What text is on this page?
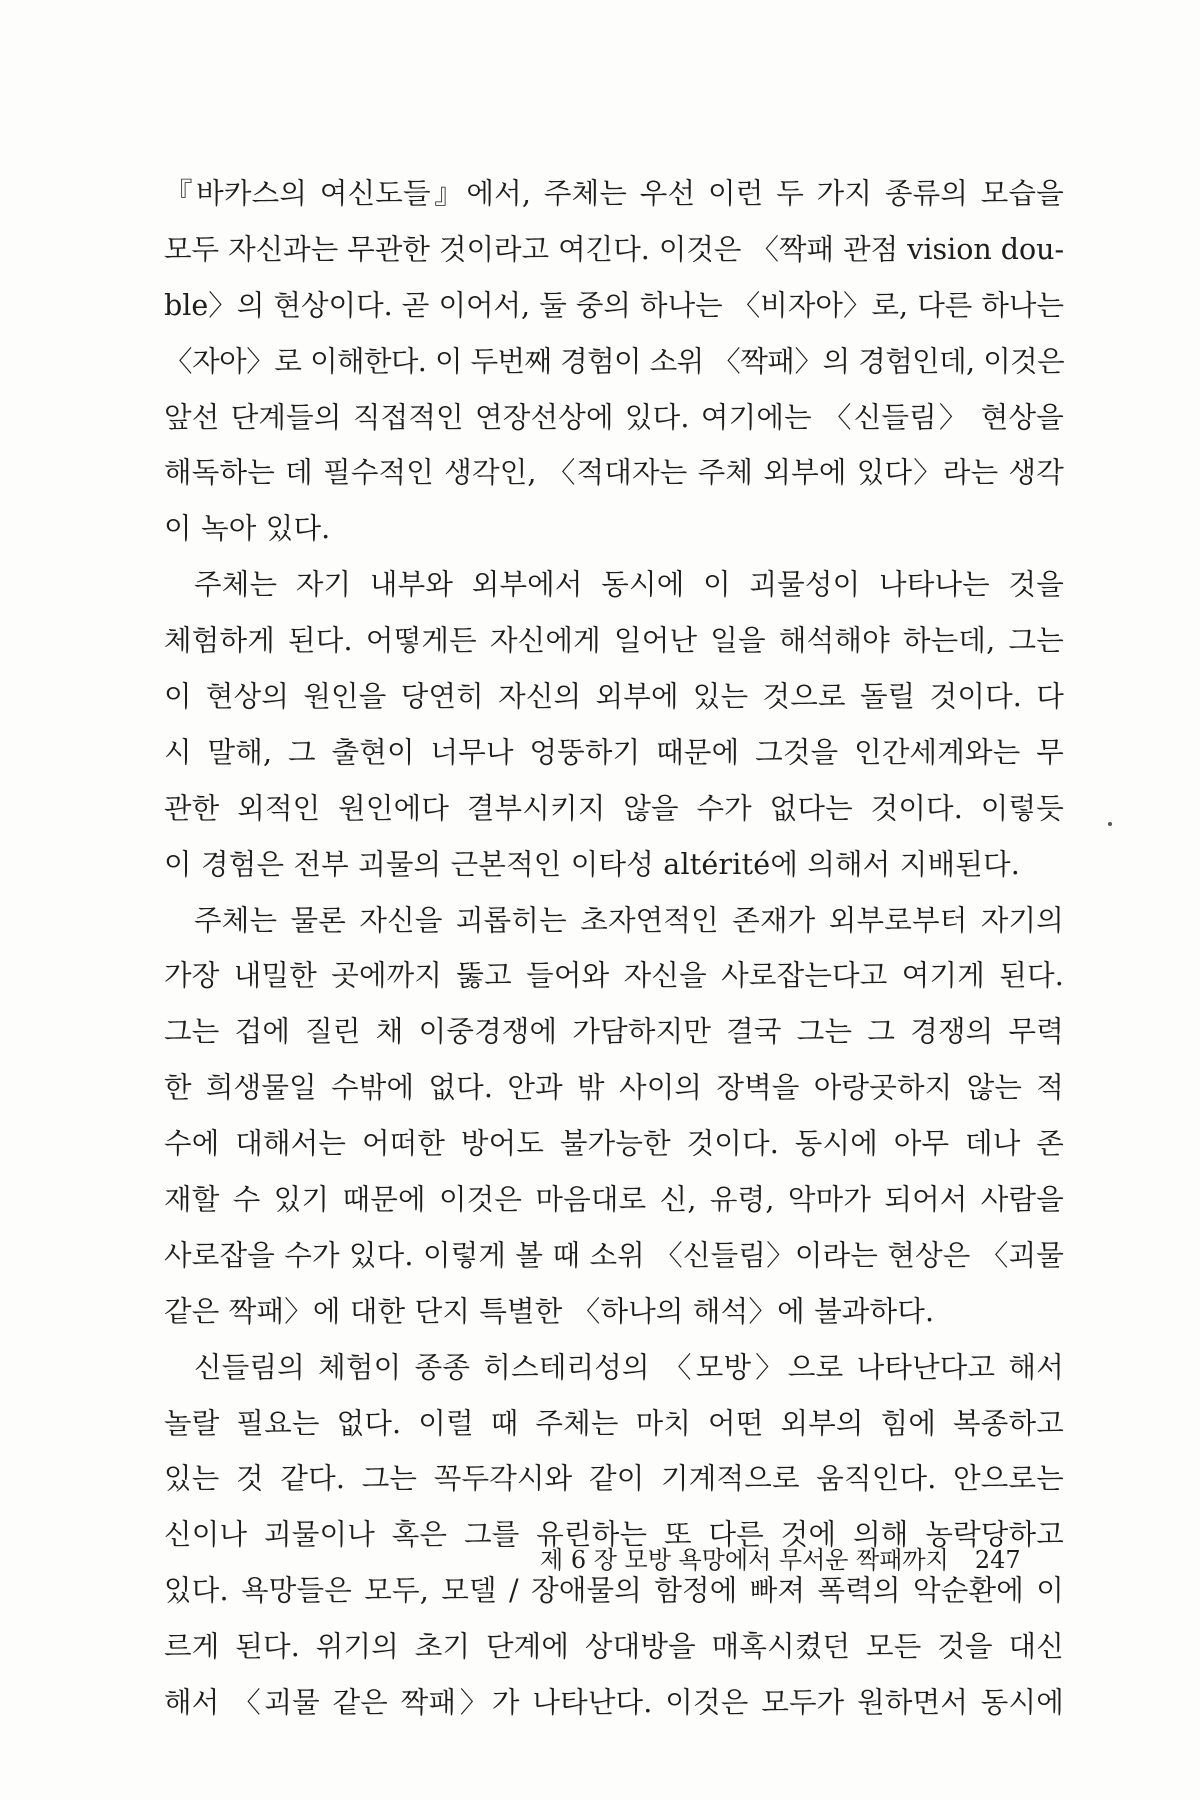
『바카스의 여신도들』에서, 주체는 우선 이런 두 가지 종류의 모습을
모두 자신과는 무관한 것이라고 여긴다. 이것은 〈짝패 관점 vision dou-
ble〉의 현상이다. 곧 이어서, 둘 중의 하나는 〈비자아〉로, 다른 하나는
〈자아〉로 이해한다. 이 두번째 경험이 소위 〈짝패〉의 경험인데, 이것은
앞선 단계들의 직접적인 연장선상에 있다. 여기에는 〈신들림〉 현상을
해독하는 데 필수적인 생각인, 〈적대자는 주체 외부에 있다〉라는 생각
이 녹아 있다.
주체는 자기 내부와 외부에서 동시에 이 괴물성이 나타나는 것을
체험하게 된다. 어떻게든 자신에게 일어난 일을 해석해야 하는데, 그는
이 현상의 원인을 당연히 자신의 외부에 있는 것으로 돌릴 것이다. 다
시 말해, 그 출현이 너무나 엉뚱하기 때문에 그것을 인간세계와는 무
관한 외적인 원인에다 결부시키지 않을 수가 없다는 것이다. 이렇듯
이 경험은 전부 괴물의 근본적인 이타성 altérité에 의해서 지배된다.
주체는 물론 자신을 괴롭히는 초자연적인 존재가 외부로부터 자기의
가장 내밀한 곳에까지 뚫고 들어와 자신을 사로잡는다고 여기게 된다.
그는 겁에 질린 채 이중경쟁에 가담하지만 결국 그는 그 경쟁의 무력
한 희생물일 수밖에 없다. 안과 밖 사이의 장벽을 아랑곳하지 않는 적
수에 대해서는 어떠한 방어도 불가능한 것이다. 동시에 아무 데나 존
재할 수 있기 때문에 이것은 마음대로 신, 유령, 악마가 되어서 사람을
사로잡을 수가 있다. 이렇게 볼 때 소위 〈신들림〉이라는 현상은 〈괴물
같은 짝패〉에 대한 단지 특별한 〈하나의 해석〉에 불과하다.
신들림의 체험이 종종 히스테리성의 〈모방〉으로 나타난다고 해서
놀랄 필요는 없다. 이럴 때 주체는 마치 어떤 외부의 힘에 복종하고
있는 것 같다. 그는 꼭두각시와 같이 기계적으로 움직인다. 안으로는
신이나 괴물이나 혹은 그를 유린하는 또 다른 것에 의해 농락당하고
있다. 욕망들은 모두, 모델 / 장애물의 함정에 빠져 폭력의 악순환에 이
르게 된다. 위기의 초기 단계에 상대방을 매혹시켰던 모든 것을 대신
해서 〈괴물 같은 짝패〉가 나타난다. 이것은 모두가 원하면서 동시에
제 6 장 모방 욕망에서 무서운 짝패까지 247
